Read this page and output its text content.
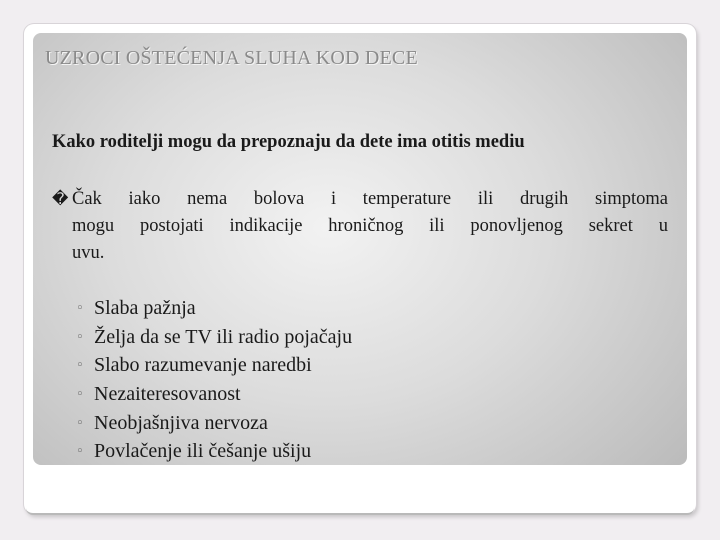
UZROCI OŠTEĆENJA SLUHA KOD DECE

Kako roditelji mogu da prepoznaju da dete ima otitis mediu

� Čak iako nema bolova i temperature ili drugih simptoma
mogu postojati indikacije hroničnog ili ponovljenog sekret u
uvu.
◦ Slaba pažnja
◦ Želja da se TV ili radio pojačaju
◦ Slabo razumevanje naredbi
◦ Nezaiteresovanost
◦ Neobjašnjiva nervoza
◦ Povlačenje ili češanje ušiju
